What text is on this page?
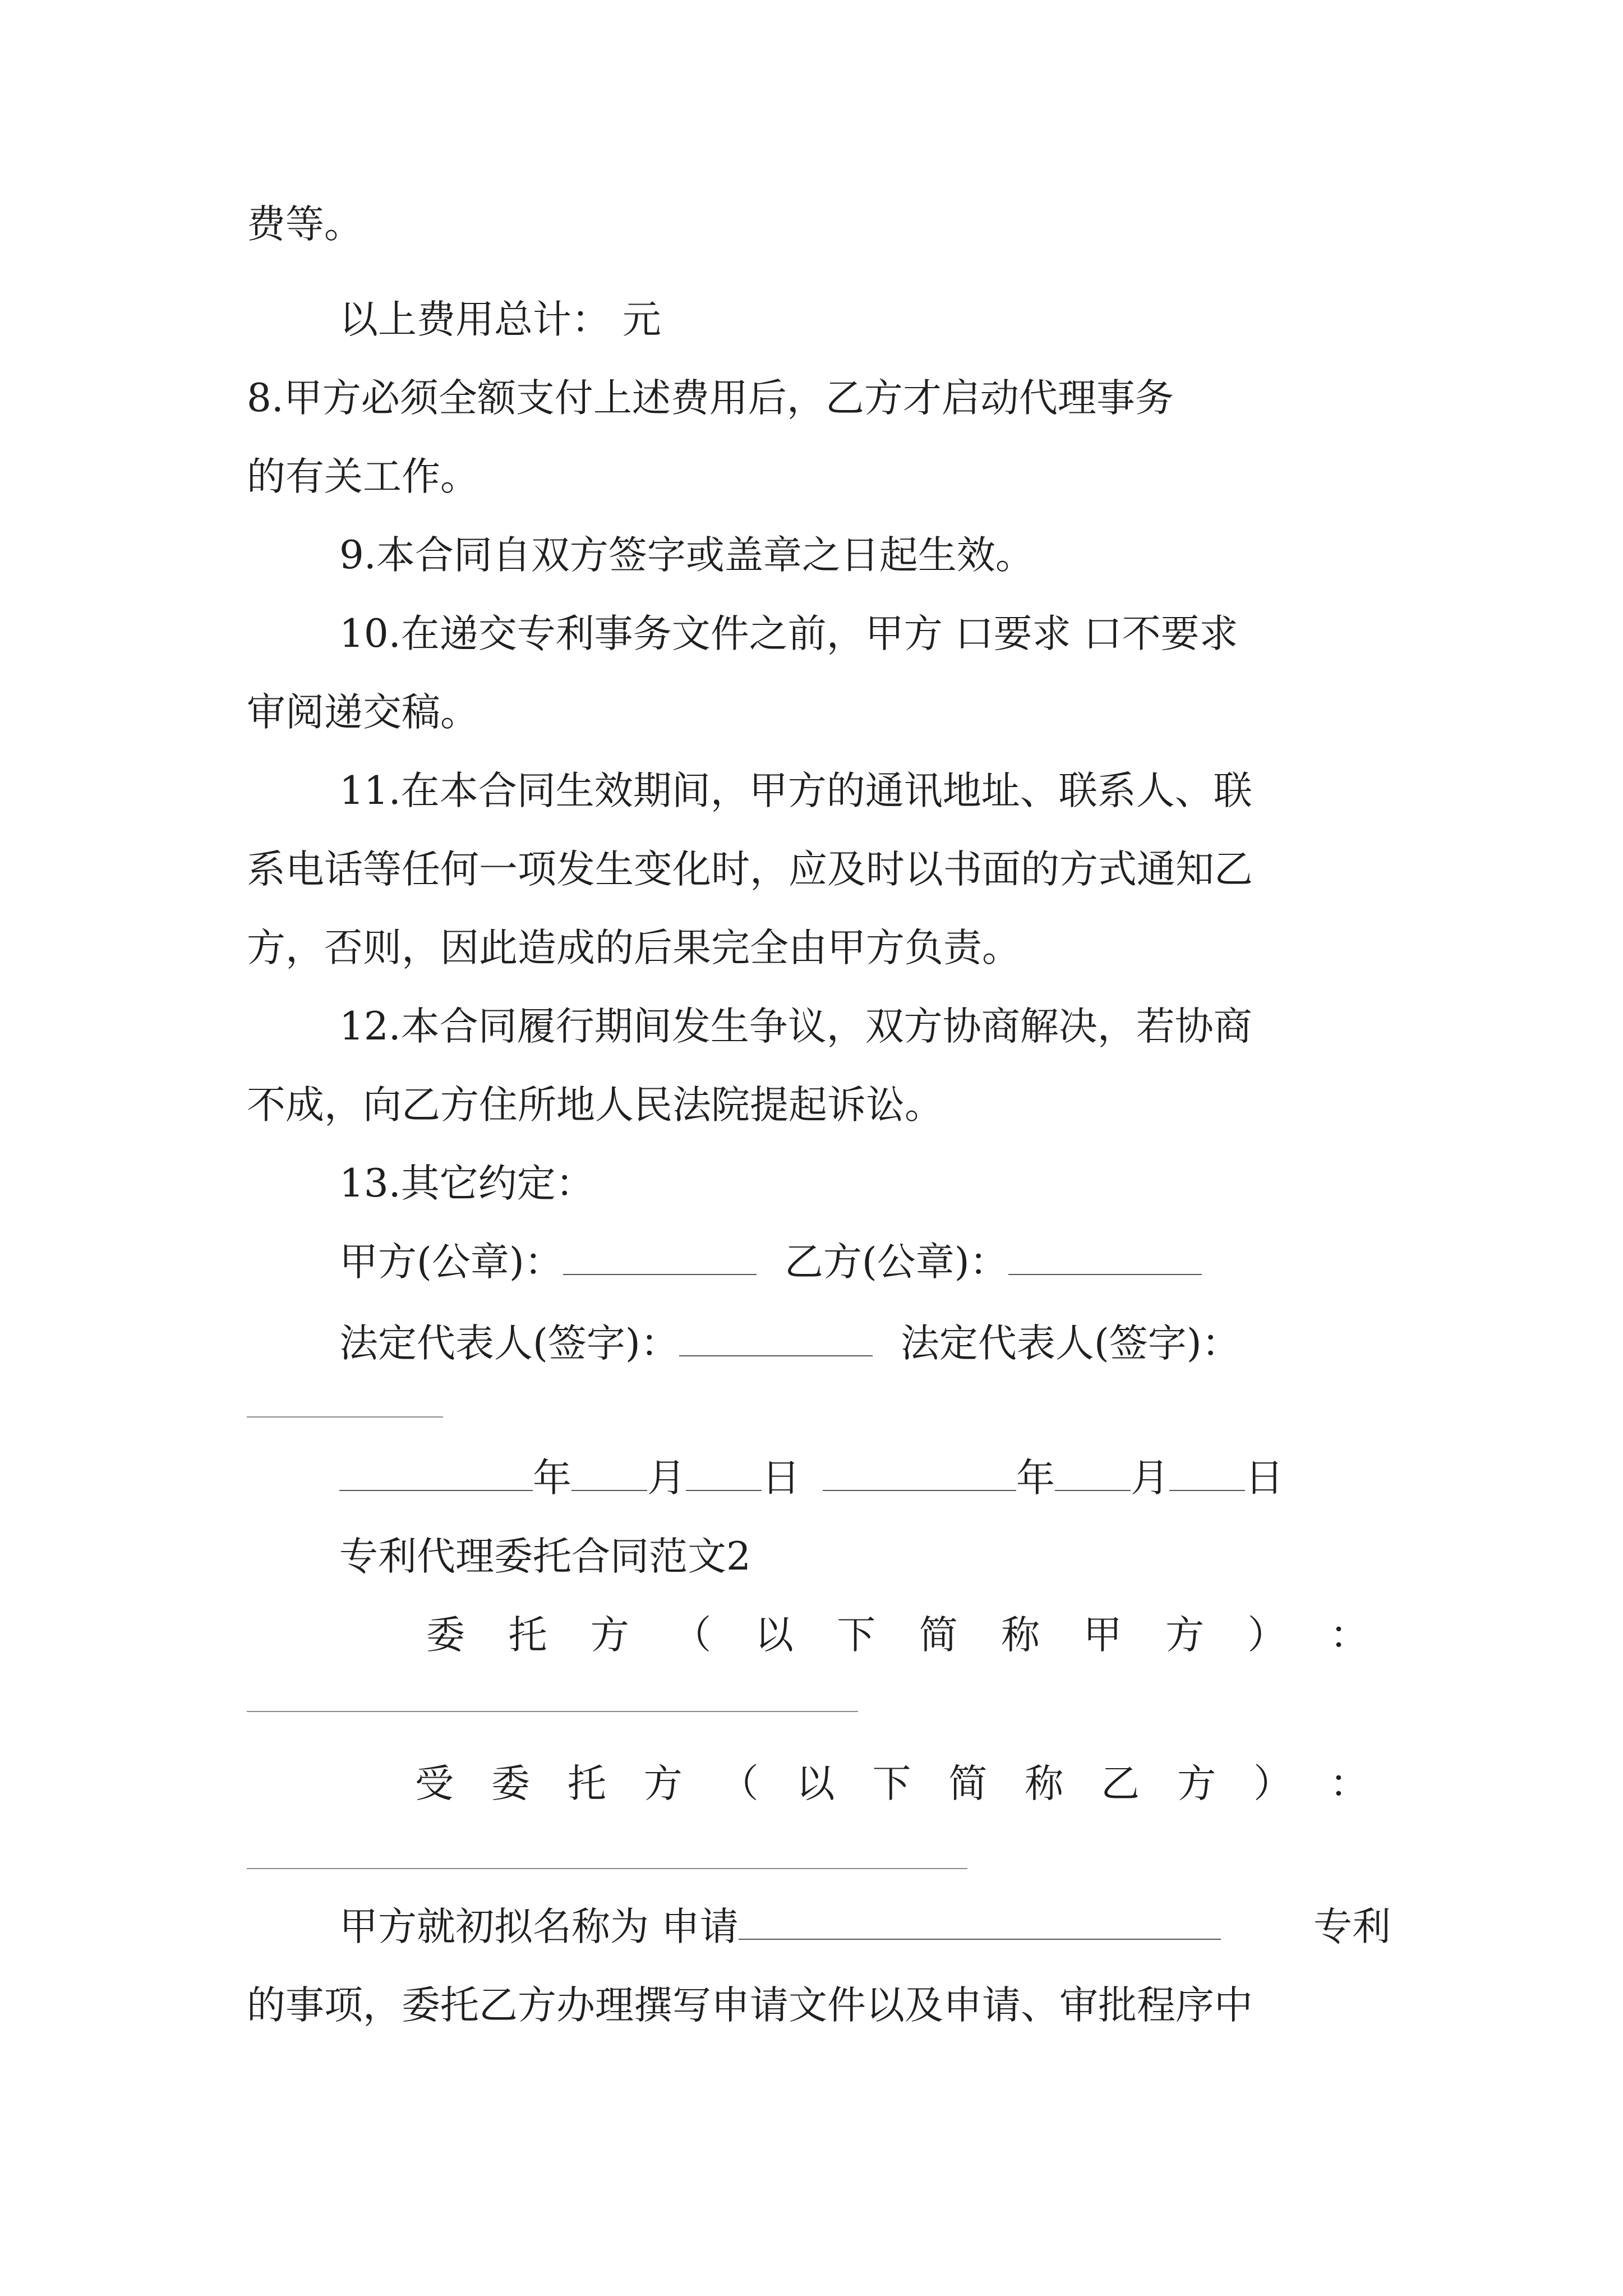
费等。
以上费用总计： 元
8.甲方必须全额支付上述费用后，乙方才启动代理事务
的有关工作。
9.本合同自双方签字或盖章之日起生效。
10.在递交专利事务文件之前，甲方 口要求 口不要求
审阅递交稿。
11.在本合同生效期间，甲方的通讯地址、联系人、联
系电话等任何一项发生变化时，应及时以书面的方式通知乙
方，否则，因此造成的后果完全由甲方负责。
12.本合同履行期间发生争议，双方协商解决，若协商
不成，向乙方住所地人民法院提起诉讼。
13.其它约定：
甲方(公章)：	乙方(公章)：
法定代表人(签字)：	法定代表人(签字)：
年 月 日	年 月 日
专利代理委托合同范文2
委 托 方 （ 以 下 简 称 甲 方 ） ：
受 委 托 方 （ 以 下 简 称 乙 方 ） ：
甲方就初拟名称为 申请	专利
的事项，委托乙方办理撰写申请文件以及申请、审批程序中
